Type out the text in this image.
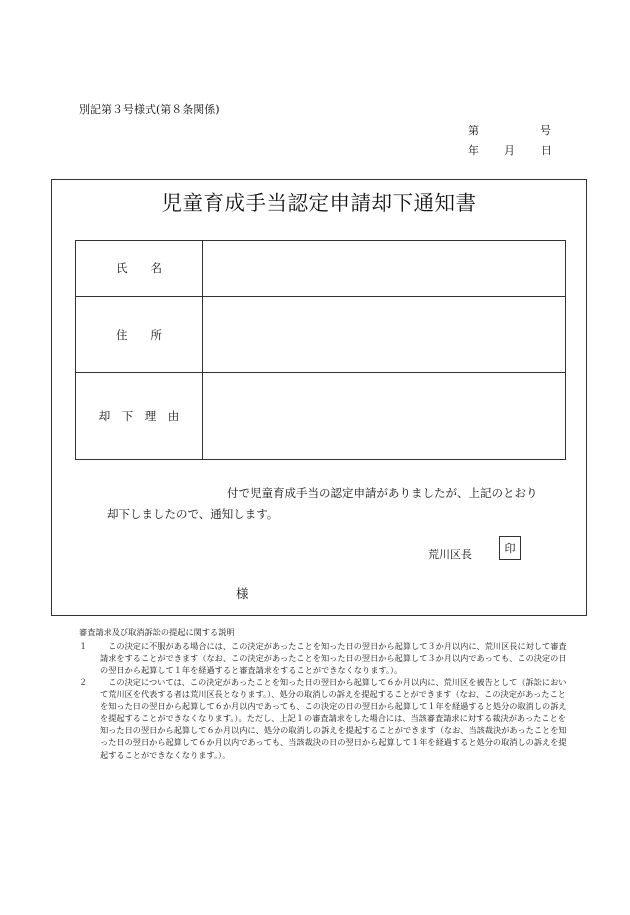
別記第３号様式(第８条関係)
第	号
年 月 日
児童育成手当認定申請却下通知書
氏　　名
住　　所
却　下　理　由
付で児童育成手当の認定申請がありましたが、上記のとおり
却下しましたので、通知します。
荒川区長	印
様
審査請求及び取消訴訟の提起に関する説明
１ 　この決定に不服がある場合には、この決定があったことを知った日の翌日から起算して３か月以内に、荒川区長に対して審査請求をすることができます（なお、この決定があったことを知った日の翌日から起算して３か月以内であっても、この決定の日の翌日から起算して１年を経過すると審査請求をすることができなくなります。）。
２ 　この決定については、この決定があったことを知った日の翌日から起算して６か月以内に、荒川区を被告として（訴訟において荒川区を代表する者は荒川区長となります。）、処分の取消しの訴えを提起することができます（なお、この決定があったことを知った日の翌日から起算して６か月以内であっても、この決定の日の翌日から起算して１年を経過すると処分の取消しの訴えを提起することができなくなります。）。ただし、上記１の審査請求をした場合には、当該審査請求に対する裁決があったことを知った日の翌日から起算して６か月以内に、処分の取消しの訴えを提起することができます（なお、当該裁決があったことを知った日の翌日から起算して６か月以内であっても、当該裁決の日の翌日から起算して１年を経過すると処分の取消しの訴えを提起することができなくなります。）。
